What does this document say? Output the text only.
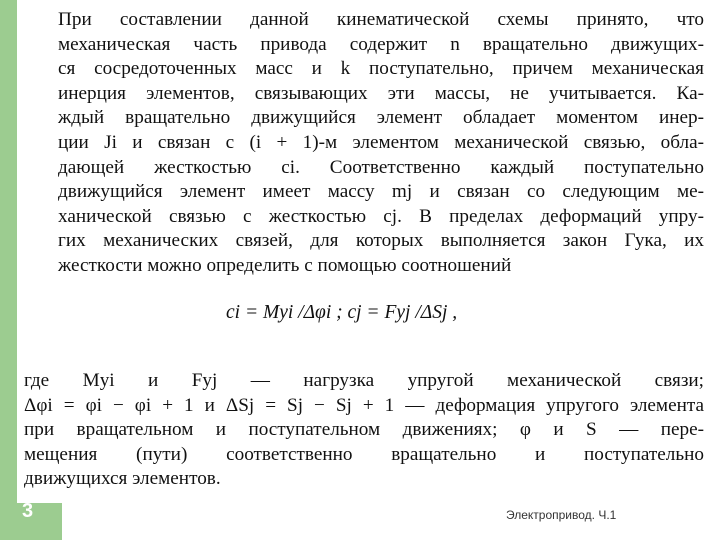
При составлении данной кинематической схемы принято, что
механическая часть привода содержит n вращательно движущих-
ся сосредоточенных масс и k поступательно, причем механическая
инерция элементов, связывающих эти массы, не учитывается. Ка-
ждый вращательно движущийся элемент обладает моментом инер-
ции Ji и связан с (i + 1)-м элементом механической связью, обла-
дающей жесткостью ci. Соответственно каждый поступательно
движущийся элемент имеет массу mj и связан со следующим ме-
ханической связью с жесткостью cj. В пределах деформаций упру-
гих механических связей, для которых выполняется закон Гука, их
жесткости можно определить с помощью соотношений
ci = Myi /Δφi ; cj = Fyj /ΔSj ,
где Myi и Fyj — нагрузка упругой механической связи;
Δφi = φi − φi + 1 и ΔSj = Sj − Sj + 1 — деформация упругого элемента
при вращательном и поступательном движениях; φ и S — пере-
мещения (пути) соответственно вращательно и поступательно
движущихся элементов.
3	Электропривод. Ч.1
